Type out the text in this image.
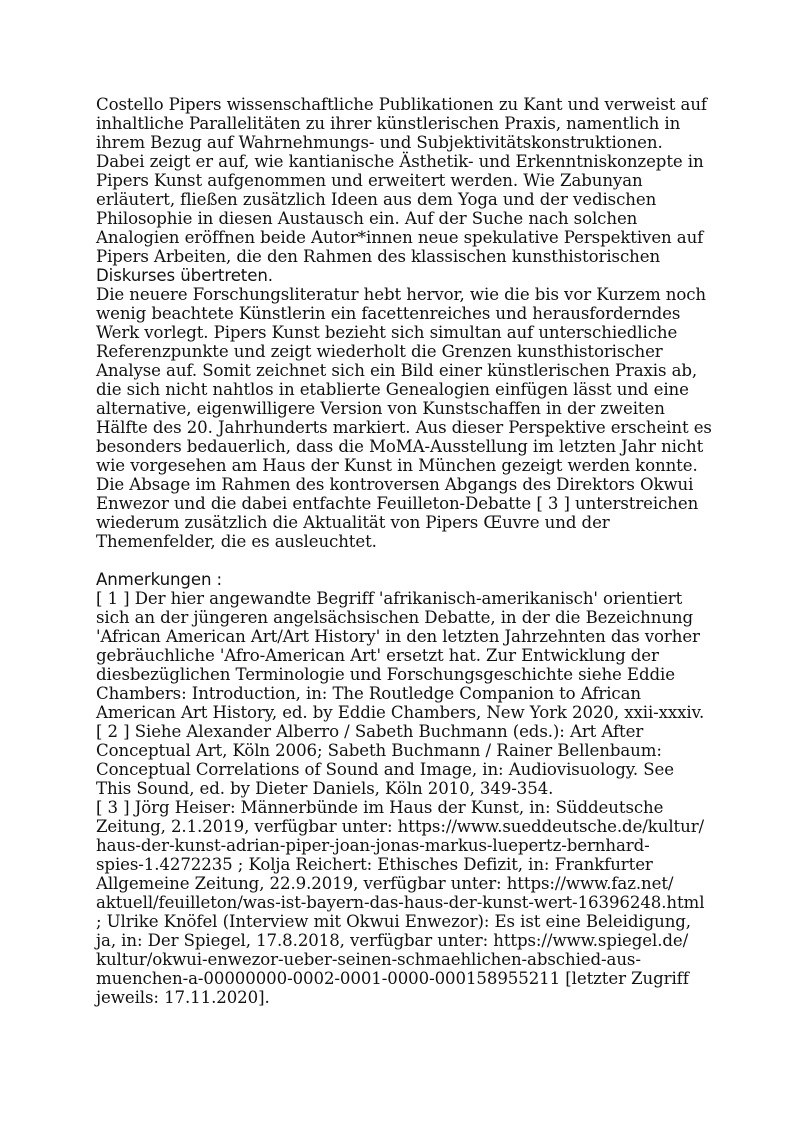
Costello Pipers wissenschaftliche Publikationen zu Kant und verweist auf
inhaltliche Parallelitäten zu ihrer künstlerischen Praxis, namentlich in
ihrem Bezug auf Wahrnehmungs- und Subjektivitätskonstruktionen.
Dabei zeigt er auf, wie kantianische Ästhetik- und Erkenntniskonzepte in
Pipers Kunst aufgenommen und erweitert werden. Wie Zabunyan
erläutert, fließen zusätzlich Ideen aus dem Yoga und der vedischen
Philosophie in diesen Austausch ein. Auf der Suche nach solchen
Analogien eröffnen beide Autor*innen neue spekulative Perspektiven auf
Pipers Arbeiten, die den Rahmen des klassischen kunsthistorischen
Diskurses übertreten.
Die neuere Forschungsliteratur hebt hervor, wie die bis vor Kurzem noch
wenig beachtete Künstlerin ein facettenreiches und herausforderndes
Werk vorlegt. Pipers Kunst bezieht sich simultan auf unterschiedliche
Referenzpunkte und zeigt wiederholt die Grenzen kunsthistorischer
Analyse auf. Somit zeichnet sich ein Bild einer künstlerischen Praxis ab,
die sich nicht nahtlos in etablierte Genealogien einfügen lässt und eine
alternative, eigenwilligere Version von Kunstschaffen in der zweiten
Hälfte des 20. Jahrhunderts markiert. Aus dieser Perspektive erscheint es
besonders bedauerlich, dass die MoMA-Ausstellung im letzten Jahr nicht
wie vorgesehen am Haus der Kunst in München gezeigt werden konnte.
Die Absage im Rahmen des kontroversen Abgangs des Direktors Okwui
Enwezor und die dabei entfachte Feuilleton-Debatte [ 3 ] unterstreichen
wiederum zusätzlich die Aktualität von Pipers Œuvre und der
Themenfelder, die es ausleuchtet.
Anmerkungen :
[ 1 ] Der hier angewandte Begriff 'afrikanisch-amerikanisch' orientiert
sich an der jüngeren angelsächsischen Debatte, in der die Bezeichnung
'African American Art/Art History' in den letzten Jahrzehnten das vorher
gebräuchliche 'Afro-American Art' ersetzt hat. Zur Entwicklung der
diesbezüglichen Terminologie und Forschungsgeschichte siehe Eddie
Chambers: Introduction, in: The Routledge Companion to African
American Art History, ed. by Eddie Chambers, New York 2020, xxii-xxxiv.
[ 2 ] Siehe Alexander Alberro / Sabeth Buchmann (eds.): Art After
Conceptual Art, Köln 2006; Sabeth Buchmann / Rainer Bellenbaum:
Conceptual Correlations of Sound and Image, in: Audiovisuology. See
This Sound, ed. by Dieter Daniels, Köln 2010, 349-354.
[ 3 ] Jörg Heiser: Männerbünde im Haus der Kunst, in: Süddeutsche
Zeitung, 2.1.2019, verfügbar unter: https://www.sueddeutsche.de/kultur/
haus-der-kunst-adrian-piper-joan-jonas-markus-luepertz-bernhard-
spies-1.4272235 ; Kolja Reichert: Ethisches Defizit, in: Frankfurter
Allgemeine Zeitung, 22.9.2019, verfügbar unter: https://www.faz.net/
aktuell/feuilleton/was-ist-bayern-das-haus-der-kunst-wert-16396248.html
; Ulrike Knöfel (Interview mit Okwui Enwezor): Es ist eine Beleidigung,
ja, in: Der Spiegel, 17.8.2018, verfügbar unter: https://www.spiegel.de/
kultur/okwui-enwezor-ueber-seinen-schmaehlichen-abschied-aus-
muenchen-a-00000000-0002-0001-0000-000158955211 [letzter Zugriff
jeweils: 17.11.2020].
